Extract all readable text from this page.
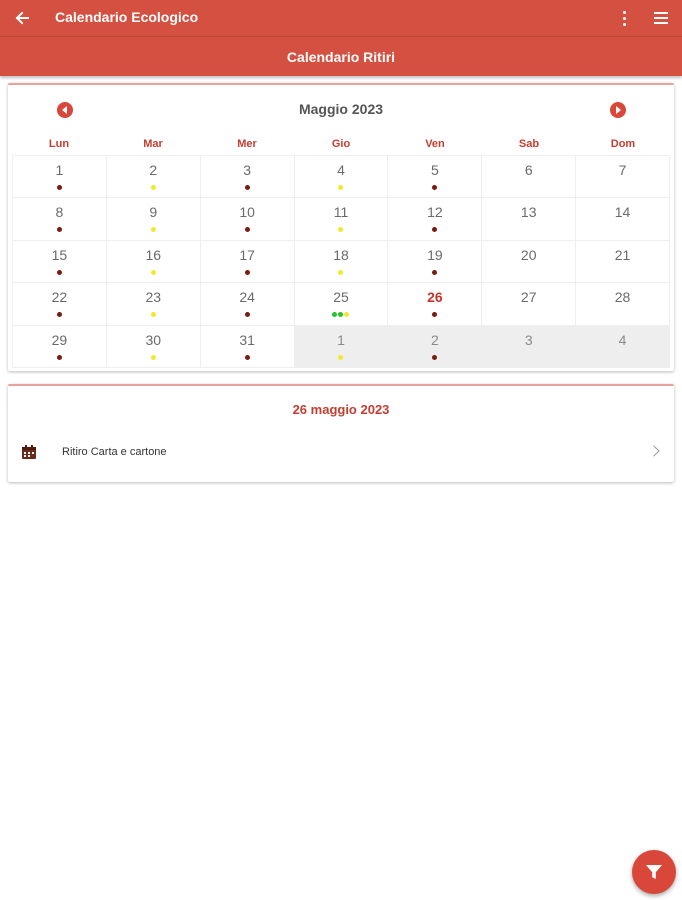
Calendario Ecologico
Calendario Ritiri
Maggio 2023
Lun	Mar	Mer	Gio	Ven	Sab	Dom
1	2	3	4	5	6	7
8	9	10	11	12	13	14
15	16	17	18	19	20	21
22	23	24	25	26	27	28
29	30	31	1	2	3	4
26 maggio 2023
Ritiro Carta e cartone
